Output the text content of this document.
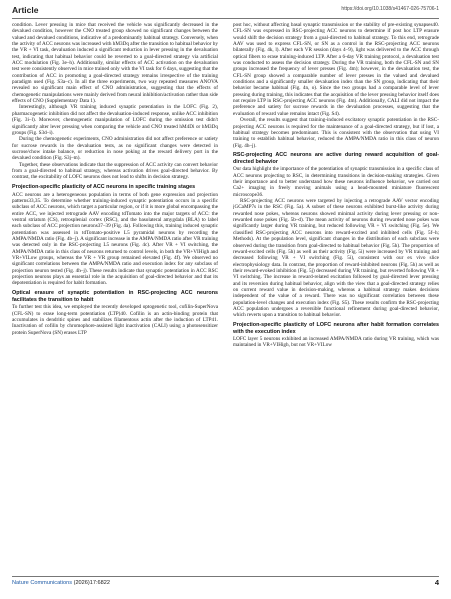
Article	https://doi.org/10.1038/s41467-026-75706-1

condition. Lever pressing in mice that received the vehicle was significantly decreased in the devalued condition, however the CNO treated group showed no significant changes between the valued and devalued conditions, indicative of a predominantly habitual strategy. Conversely, when the activity of ACC neurons was increased with hM3Dq after the transition to habitual behavior by the VR + VI task, devaluation induced a significant reduction in lever pressing in the devaluation test, indicating that habitual behavior could be reverted to a goal-directed strategy via artificial ACC modulation (Fig. 3e–h). Additionally, similar effects of ACC activation on the devaluation test were consistently observed in mice trained only with the VI task for 6 days, suggesting that the contribution of ACC in promoting a goal-directed strategy remains irrespective of the training paradigm used (Fig. S3a–c). In all the three experiments, two way repeated measures ANOVA revealed no significant main effect of CNO administration, suggesting that the effects of chemogenetic manipulations were mainly derived from neural inhibition/activation rather than side effects of CNO (Supplementary Data 1).

Interestingly, although VR training induced synaptic potentiation in the LOFC (Fig. 2), pharmacogenetic inhibition did not affect the devaluation-induced response, unlike ACC inhibition (Fig. 3i–l). Moreover, chemogenetic manipulation of LOFC during the omission test didn't significantly alter lever pressing when comparing the vehicle and CNO treated hM4Di or hM3Dq groups (Fig. S3d–i).

During the chemogenetic experiments, CNO administration did not affect preference or satiety for sucrose rewards in the devaluation tests, as no significant changes were detected in sucrose/chow intake balance, or reduction in nose poking at the reward delivery port in the devalued condition (Fig. S3j–m).

Together, these observations indicate that the suppression of ACC activity can convert behavior from a goal-directed to habitual strategy, whereas activation drives goal-directed behavior. By contrast, the excitability of LOFC neurons does not lead to shifts in decision strategy.

Projection-specific plasticity of ACC neurons in specific training stages

ACC neurons are a heterogeneous population in terms of both gene expression and projection patterns33,35. To determine whether training-induced synaptic potentiation occurs in a specific subclass of ACC neurons, which target a particular region, or if it is more global encompassing the entire ACC, we injected retrograde AAV encoding tdTomato into the major targets of ACC: the ventral striatum (CS), retrosplenial cortex (RSC), and the basolateral amygdala (BLA) to label each subclass of ACC projection neurons37–39 (Fig. 4a). Following this, training induced synaptic potentiation was assessed in tdTomato-positive L5 pyramidal neurons by recording the AMPA/NMDA ratio (Fig. 4b–j). A significant increase in the AMPA/NMDA ratio after VR training was detected only in the RSC-projecting L5 neurons (Fig. 4c). After VR + VI switching, the AMPA/NMDA ratio in this class of neurons returned to control levels, in both the VR+VIHigh and VR+VILow groups, whereas the VR + VR group remained elevated (Fig. 4f). We observed no significant correlations between the AMPA/NMDA ratio and execution index for any subclass of projection neuron tested (Fig. 4h–j). These results indicate that synaptic potentiation in ACC RSC projection neurons plays an essential role in the acquisition of goal-directed behavior and that its depotentiation is required for habit formation.

Optical erasure of synaptic potentiation in RSC-projecting ACC neurons facilitates the transition to habit

To further test this idea, we employed the recently developed optogenetic tool, cofilin-SuperNova (CFL-SN) to erase long-term potentiation (LTP)40. Cofilin is an actin-binding protein that accumulates in dendritic spines and stabilizes filamentous actin after the induction of LTP41. Inactivation of cofilin by chromophore-assisted light inactivation (CALI) using a photosensitizer protein SuperNova (SN) erases LTP

post hoc, without affecting basal synaptic transmission or the stability of pre-existing synapses40. CFL-SN was expressed in RSC-projecting ACC neurons to determine if post hoc LTP erasure would shift the decision strategy from a goal-directed to habitual strategy. To this end, retrograde AAV was used to express CFL-SN, or SN as a control in the RSC-projecting ACC neurons bilaterally (Fig. 4k, l). After each VR session (days 4–9), light was delivered to the ACC through optical fibers to erase training-induced LTP. After a 6-day VR training protocol, a devaluation test was conducted to assess the decision strategy. During the VR training, both the CFL-SN and SN groups increased the frequency of lever presses (Fig. 4m); however, in the devaluation test, the CFL-SN group showed a comparable number of lever presses in the valued and devalued conditions and a significantly smaller devaluation index than the SN group, indicating that their behavior became habitual (Fig. 4n, o). Since the two groups had a comparable level of lever pressing during training, this indicates that the acquisition of the lever pressing behavior itself does not require LTP in RSC-projecting ACC neurons (Fig. 4m). Additionally, CALI did not impact the preference and satiety for sucrose rewards in the devaluation processes, suggesting that the evaluation of reward value remains intact (Fig. S4).

Overall, the results suggest that training-induced excitatory synaptic potentiation in the RSC-projecting ACC neurons is required for the maintenance of a goal-directed strategy, but if lost, a habitual strategy becomes predominant. This is consistent with the observation that using VI training to establish habitual behavior, reduced the AMPA/NMDA ratio in this class of neuron (Fig. 4h–j).

RSC-projecting ACC neurons are active during reward acquisition of goal-directed behavior

Our data highlight the importance of the potentiation of synaptic transmission in a specific class of ACC neurons projecting to RSC, in determining transitions in decision-making strategies. Given their importance and to better understand how these neurons influence behavior, we carried out Ca2+ imaging in freely moving animals using a head-mounted miniature fluorescent microscope36.

RSC-projecting ACC neurons were targeted by injecting a retrograde AAV vector encoding jGCaMP7s in the RSC (Fig. 5a). A subset of these neurons exhibited burst-like activity during rewarded nose pokes, whereas neurons showed minimal activity during lever pressing or non-rewarded nose pokes (Fig. 5b–d). The mean activity of neurons during rewarded nose pokes was significantly larger during VR training, but reduced following VR + VI switching (Fig. 5e). We classified RSC-projecting ACC neurons into reward-excited and inhibited cells (Fig. 5f–h; Methods). At the population level, significant changes in the distribution of each subclass were observed during the transition from goal-directed to habitual behavior (Fig. 5h). The proportion of reward-excited cells (Fig. 5h) as well as their activity (Fig. 5i) were increased by VR training and decreased following VR + VI switching (Fig. 5i), consistent with our ex vivo slice electrophysiology data. In contrast, the proportion of reward-inhibited neurons (Fig. 5h) as well as their reward-evoked inhibition (Fig. 5j) decreased during VR training, but reverted following VR + VI switching. The increase in reward-related excitation followed by goal-directed lever pressing and its reversion during habitual behavior, align with the view that a goal-directed strategy relies on current reward value in decision-making, whereas a habitual strategy makes decisions independent of the value of a reward. There was no significant correlation between these population-level changes and execution index (Fig. S5). These results confirm the RSC-projecting ACC population undergoes a reversible functional refinement during goal-directed behavior, which reverts upon a transition to habitual behavior.

Projection-specific plasticity of LOFC neurons after habit formation correlates with the execution index

LOFC layer 5 neurons exhibited an increased AMPA/NMDA ratio during VR training, which was maintained in VR+VIHigh, but not VR+VILow

Nature Communications (2026)17:6822	4
